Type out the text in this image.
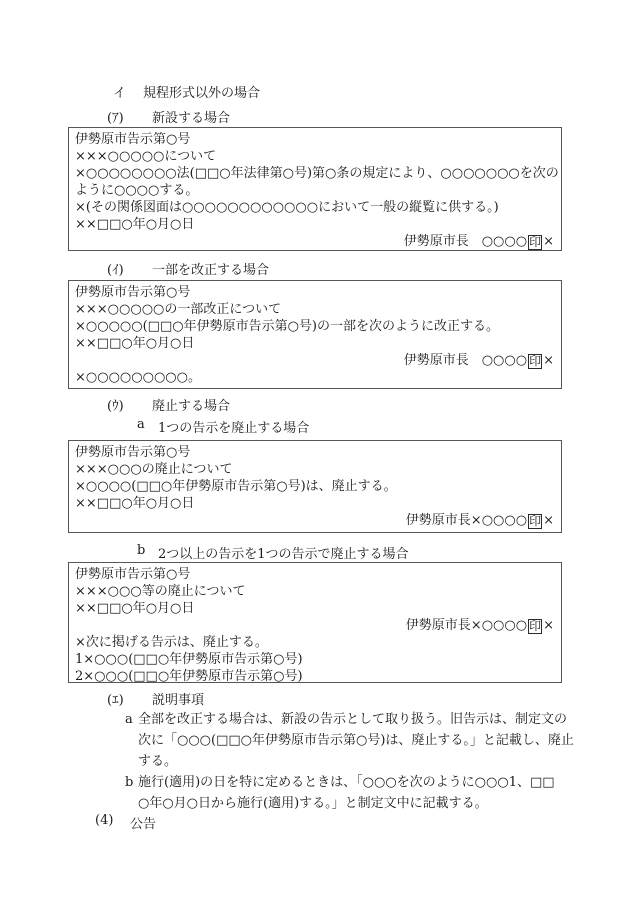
イ	規程形式以外の場合
(ｱ)	新設する場合
伊勢原市告示第○号
×××○○○○○について
×○○○○○○○○法(□□○年法律第○号)第○条の規定により、○○○○○○○を次の
ように○○○○する。
×(その関係図面は○○○○○○○○○○○○において一般の縦覧に供する。)
××□□○年○月○日
伊勢原市長　○○○○ 印 ×
(ｲ)	一部を改正する場合
伊勢原市告示第○号
×××○○○○○の一部改正について
×○○○○○(□□○年伊勢原市告示第○号)の一部を次のように改正する。
××□□○年○月○日
伊勢原市長　○○○○ 印 ×
×○○○○○○○○○。
(ｳ)	廃止する場合
a	1つの告示を廃止する場合
伊勢原市告示第○号
×××○○○の廃止について
×○○○○(□□○年伊勢原市告示第○号)は、廃止する。
××□□○年○月○日
伊勢原市長×○○○○ 印 ×
b 2つ以上の告示を1つの告示で廃止する場合
伊勢原市告示第○号
×××○○○等の廃止について
××□□○年○月○日
伊勢原市長×○○○○ 印 ×
×次に掲げる告示は、廃止する。
1×○○○(□□○年伊勢原市告示第○号)
2×○○○(□□○年伊勢原市告示第○号)
(ｴ)	説明事項
a 全部を改正する場合は、新設の告示として取り扱う。旧告示は、制定文の
次に「○○○(□□○年伊勢原市告示第○号)は、廃止する。」と記載し、廃止
する。
b 施行(適用)の日を特に定めるときは、「○○○を次のように○○○1、□□
○年○月○日から施行(適用)する。」と制定文中に記載する。
(4)	公告
